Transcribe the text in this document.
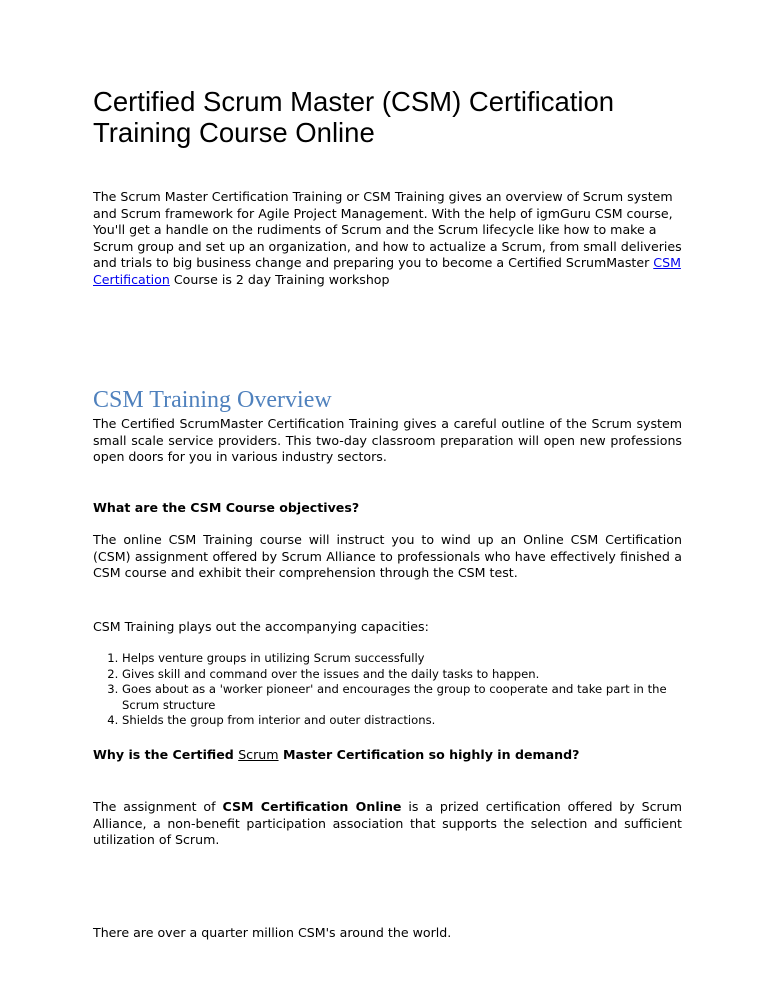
Certified Scrum Master (CSM) Certification Training Course Online

The Scrum Master Certification Training or CSM Training gives an overview of Scrum system and Scrum framework for Agile Project Management. With the help of igmGuru CSM course, You'll get a handle on the rudiments of Scrum and the Scrum lifecycle like how to make a Scrum group and set up an organization, and how to actualize a Scrum, from small deliveries and trials to big business change and preparing you to become a Certified ScrumMaster CSM Certification Course is 2 day Training workshop

CSM Training Overview

The Certified ScrumMaster Certification Training gives a careful outline of the Scrum system small scale service providers. This two-day classroom preparation will open new professions open doors for you in various industry sectors.

What are the CSM Course objectives?

The online CSM Training course will instruct you to wind up an Online CSM Certification (CSM) assignment offered by Scrum Alliance to professionals who have effectively finished a CSM course and exhibit their comprehension through the CSM test.

CSM Training plays out the accompanying capacities:

1. Helps venture groups in utilizing Scrum successfully
2. Gives skill and command over the issues and the daily tasks to happen.
3. Goes about as a 'worker pioneer' and encourages the group to cooperate and take part in the Scrum structure
4. Shields the group from interior and outer distractions.

Why is the Certified Scrum Master Certification so highly in demand?

The assignment of CSM Certification Online is a prized certification offered by Scrum Alliance, a non-benefit participation association that supports the selection and sufficient utilization of Scrum.

There are over a quarter million CSM's around the world.
